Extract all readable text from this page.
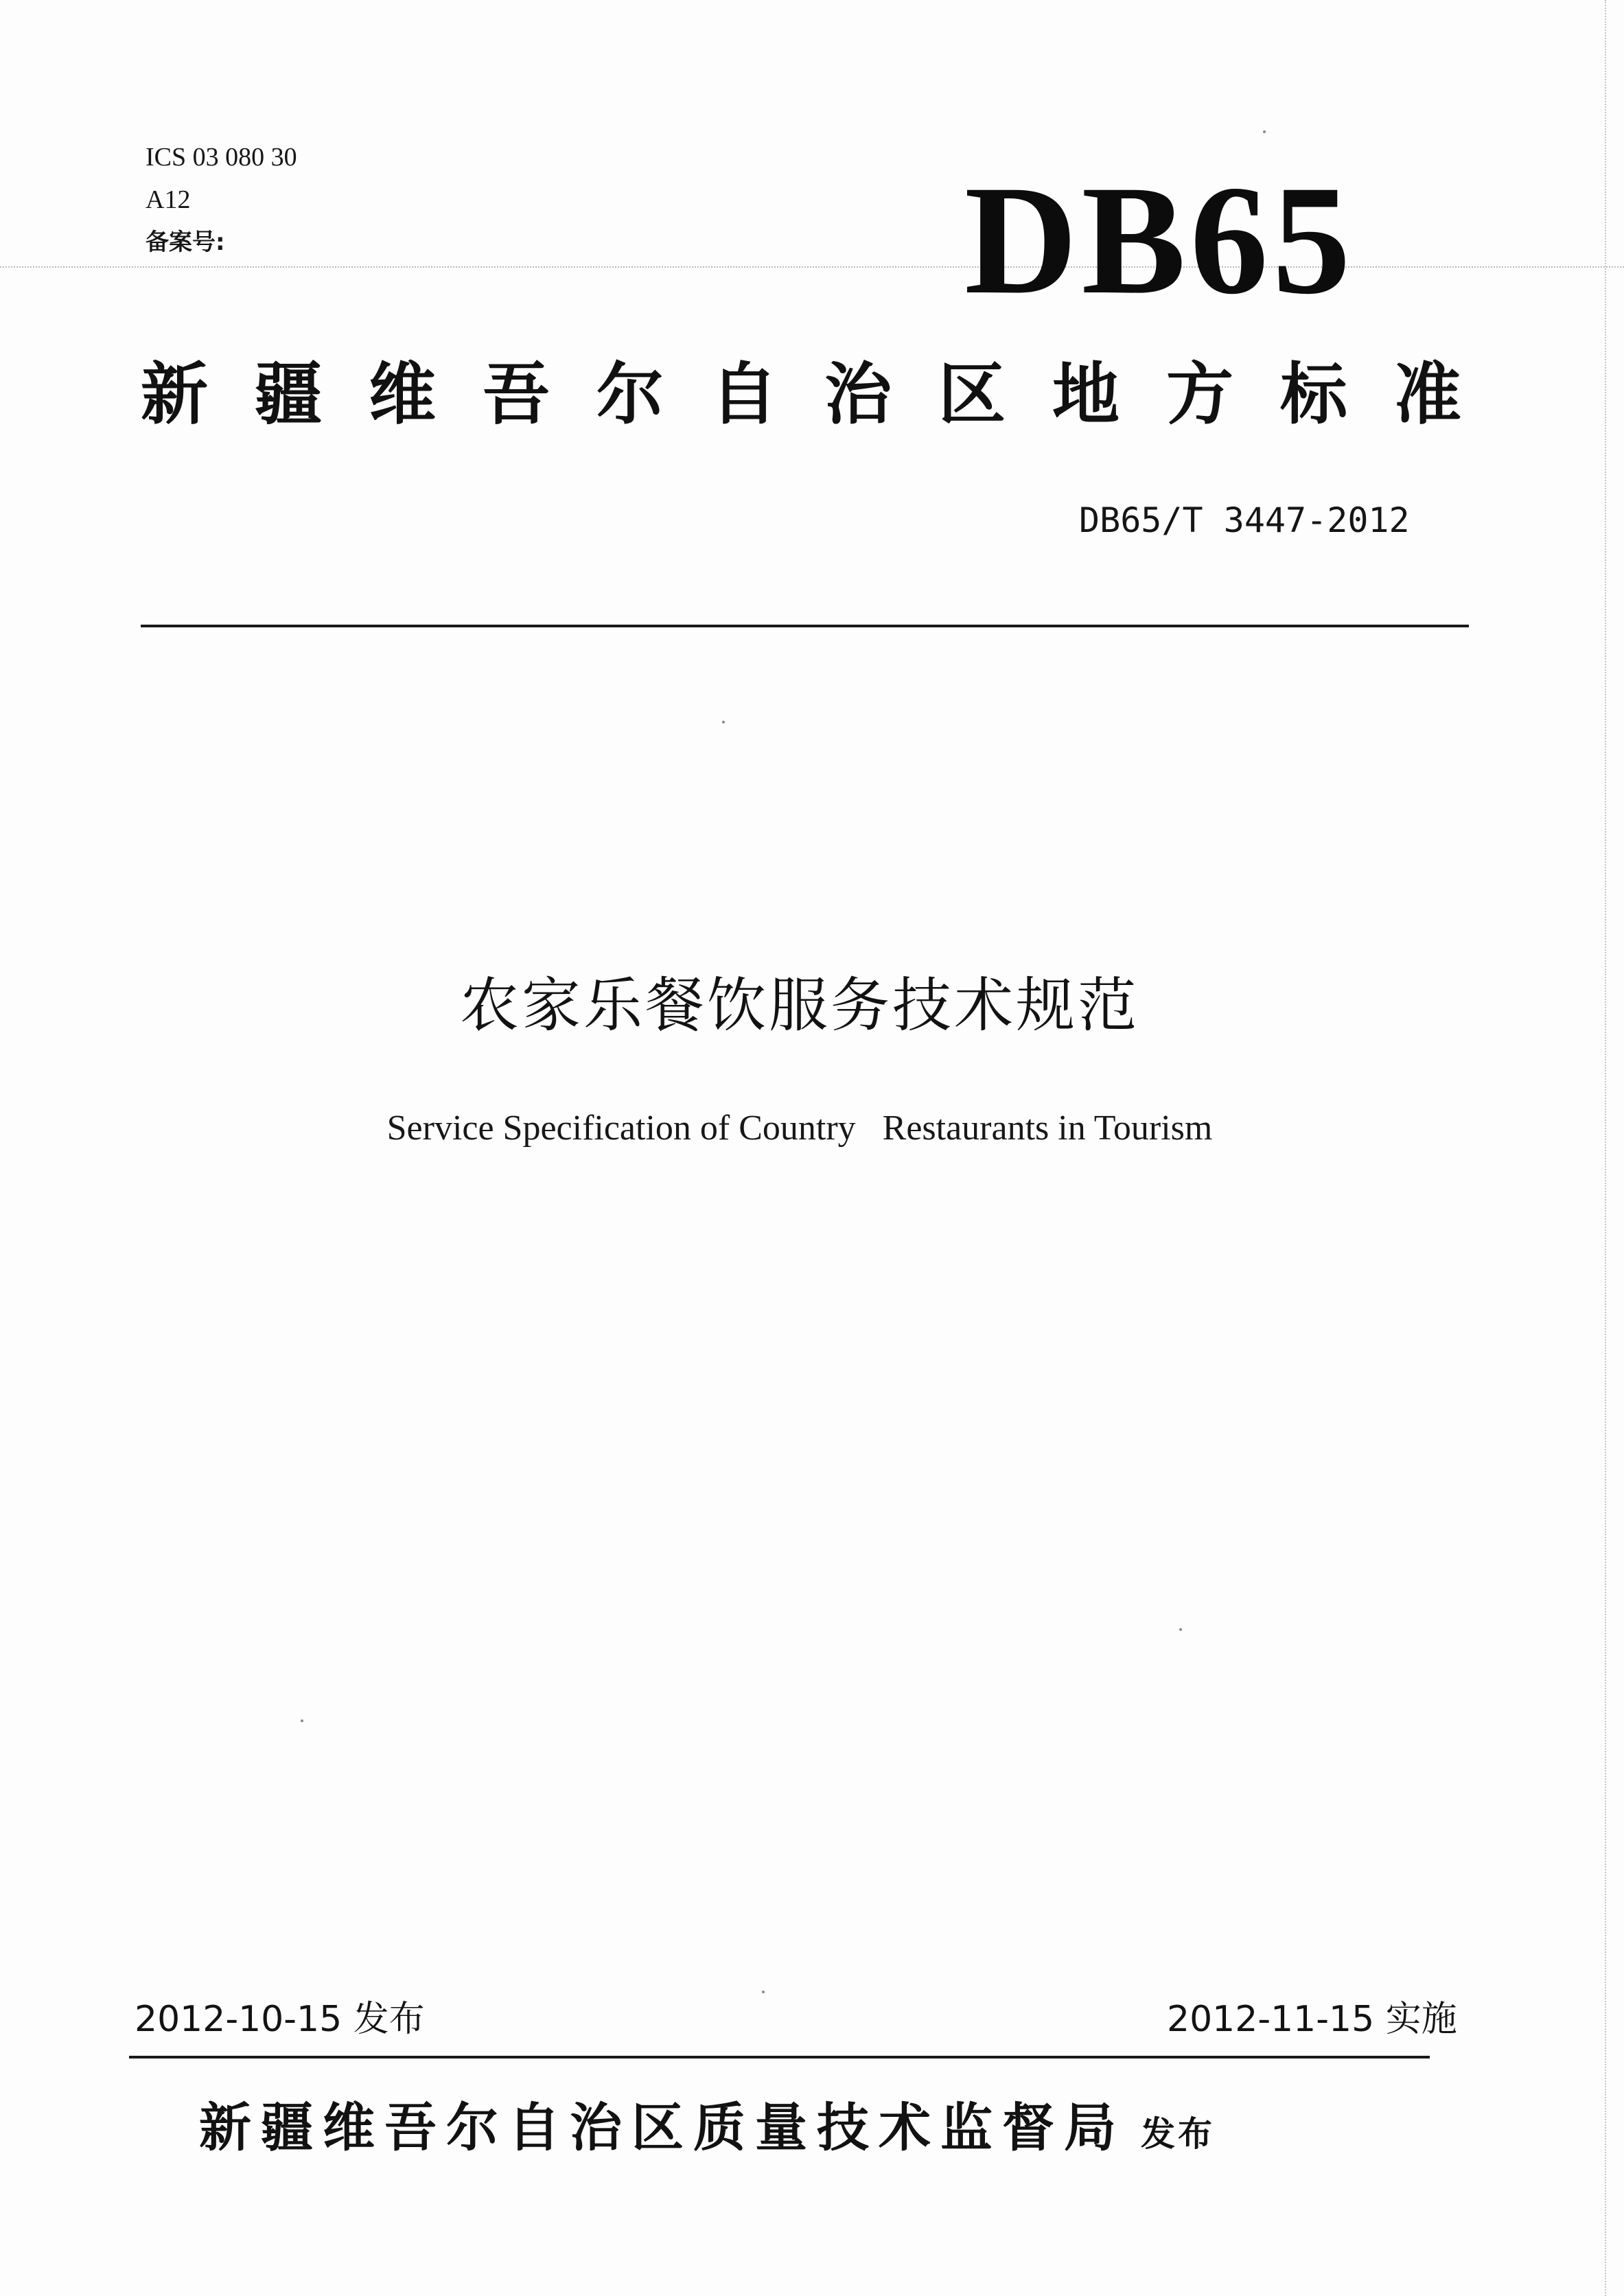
ICS 03 080 30
A12
备案号:	DB65
新疆维吾尔自治区地方标准
DB65/T 3447-2012
农家乐餐饮服务技术规范
Service Specification of Country   Restaurants in Tourism
2012-10-15 发布	2012-11-15 实施
新疆维吾尔自治区质量技术监督局 发布
